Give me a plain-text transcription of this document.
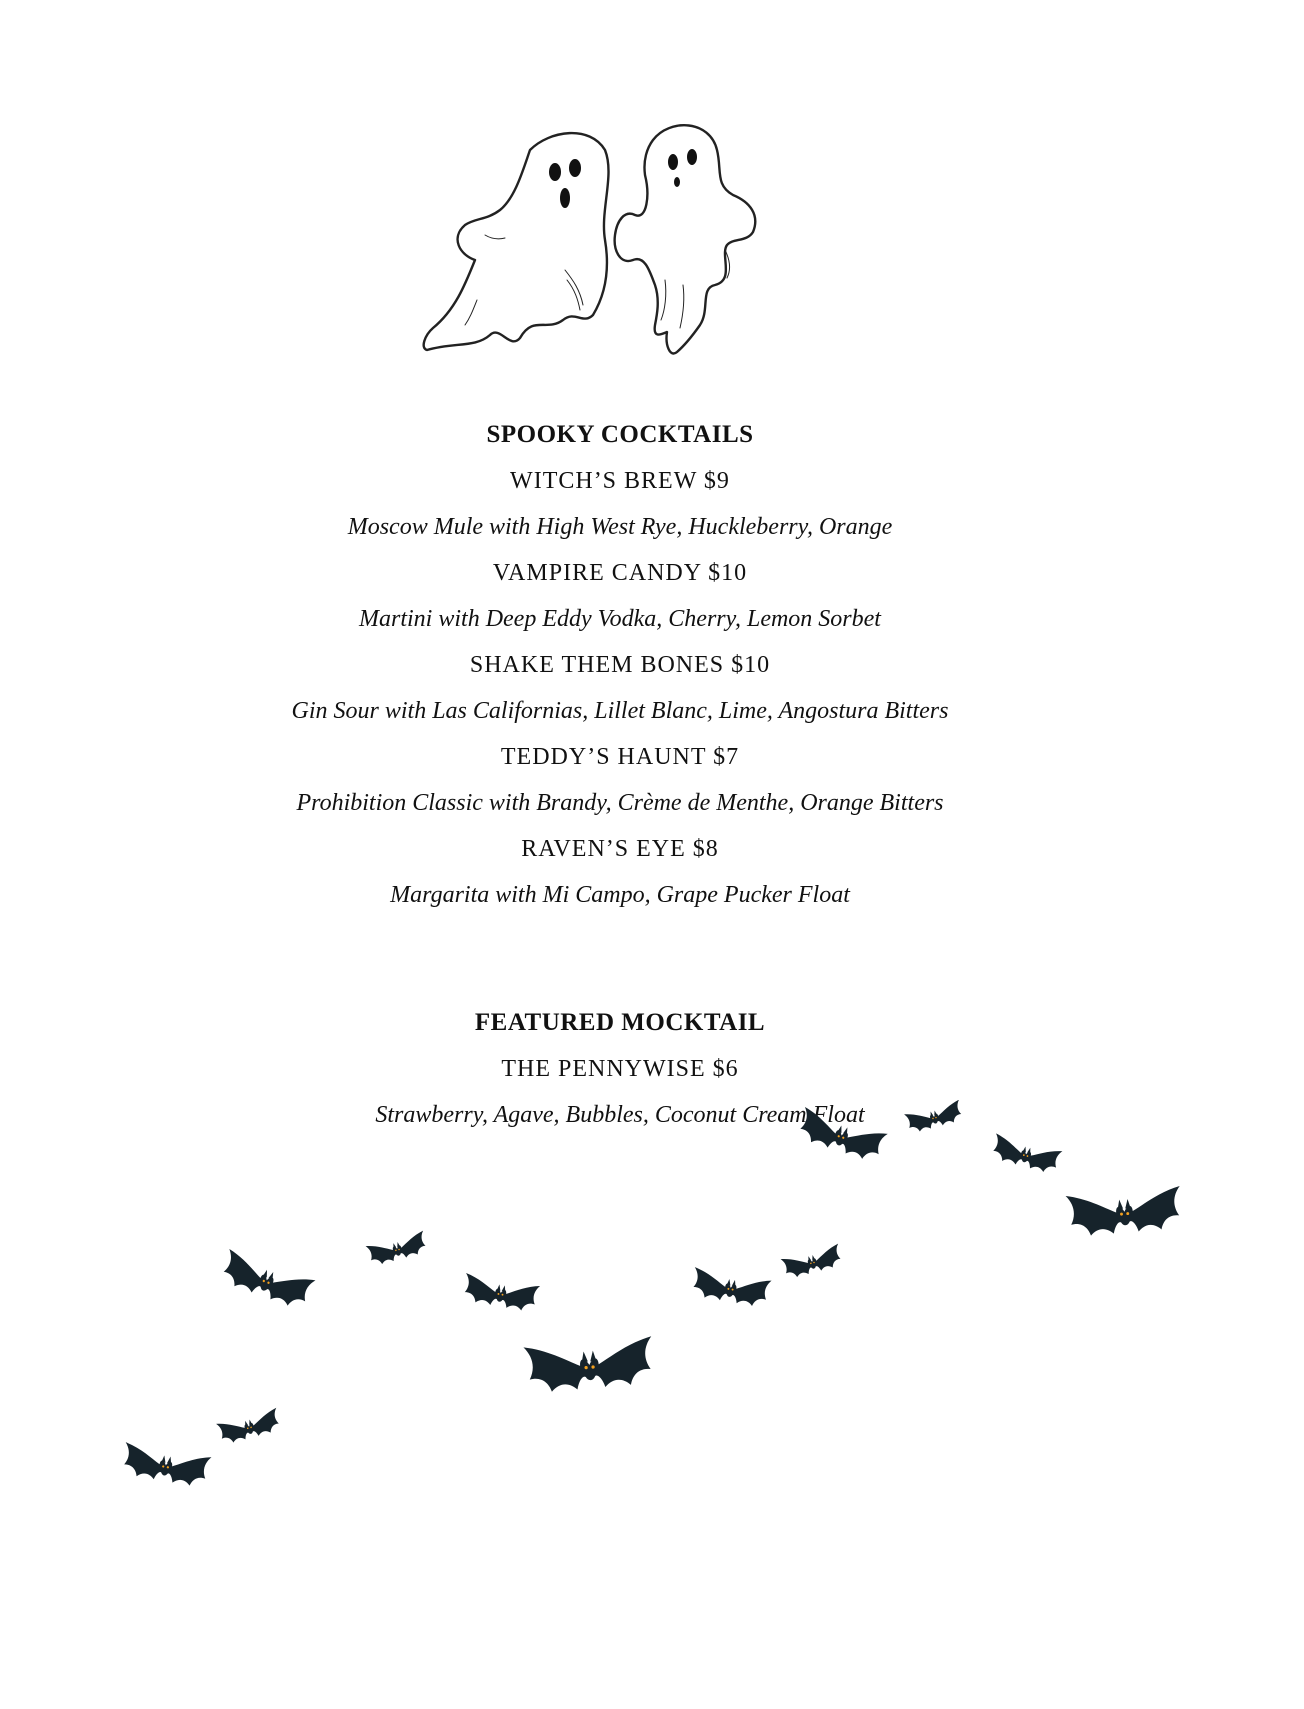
SPOOKY COCKTAILS
WITCH’S BREW $9
Moscow Mule with High West Rye, Huckleberry, Orange
VAMPIRE CANDY $10
Martini with Deep Eddy Vodka, Cherry, Lemon Sorbet
SHAKE THEM BONES $10
Gin Sour with Las Californias, Lillet Blanc, Lime, Angostura Bitters
TEDDY’S HAUNT $7
Prohibition Classic with Brandy, Crème de Menthe, Orange Bitters
RAVEN’S EYE $8
Margarita with Mi Campo, Grape Pucker Float
FEATURED MOCKTAIL
THE PENNYWISE $6
Strawberry, Agave, Bubbles, Coconut Cream Float
